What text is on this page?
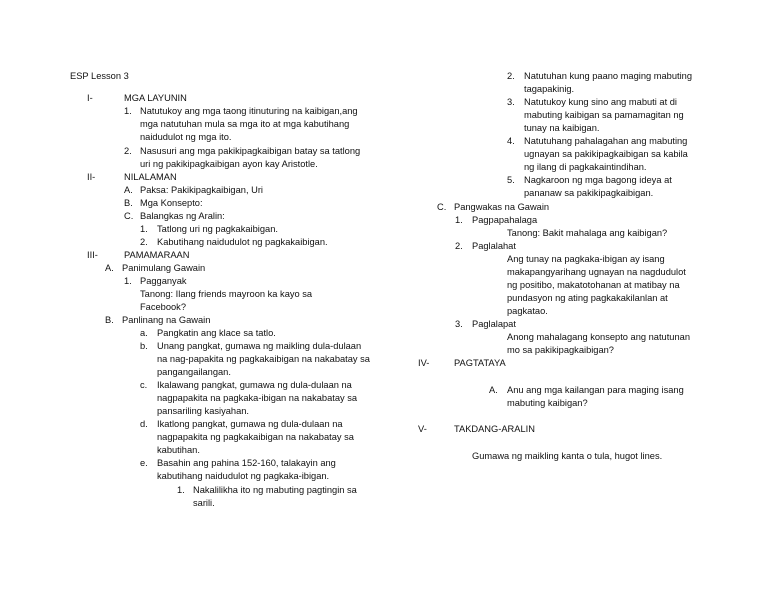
ESP Lesson 3
I-	MGA LAYUNIN
1. Natutukoy ang mga taong itinuturing na kaibigan,ang mga natutuhan mula sa mga ito at mga kabutihang naidudulot ng mga ito.
2. Nasusuri ang mga pakikipagkaibigan batay sa tatlong uri ng pakikipagkaibigan ayon kay Aristotle.
II-	NILALAMAN
A. Paksa: Pakikipagkaibigan, Uri
B. Mga Konsepto:
C. Balangkas ng Aralin:
1. Tatlong uri ng pagkakaibigan.
2. Kabutihang naidudulot ng pagkakaibigan.
III-	PAMAMARAAN
A. Panimulang Gawain
1. Pagganyak
Tanong: Ilang friends mayroon ka kayo sa Facebook?
B. Panlinang na Gawain
a. Pangkatin ang klace sa tatlo.
b. Unang pangkat, gumawa ng maikling dula-dulaan na nag-papakita ng pagkakaibigan na nakabatay sa pangangailangan.
c. Ikalawang pangkat, gumawa ng dula-dulaan na nagpapakita na pagkaka-ibigan na nakabatay sa pansariling kasiyahan.
d. Ikatlong pangkat, gumawa ng dula-dulaan na nagpapakita ng pagkakaibigan na nakabatay sa kabutihan.
e. Basahin ang pahina 152-160, talakayin ang kabutihang naidudulot ng pagkaka-ibigan.
1. Nakalilikha ito ng mabuting pagtingin sa sarili.
2. Natutuhan kung paano maging mabuting tagapakinig.
3. Natutukoy kung sino ang mabuti at di mabuting kaibigan sa pamamagitan ng tunay na kaibigan.
4. Natutuhang pahalagahan ang mabuting ugnayan sa pakikipagkaibigan sa kabila ng ilang di pagkakaintindihan.
5. Nagkaroon ng mga bagong ideya at pananaw sa pakikipagkaibigan.
C. Pangwakas na Gawain
1. Pagpapahalaga
Tanong: Bakit mahalaga ang kaibigan?
2. Paglalahat
Ang tunay na pagkaka-ibigan ay isang makapangyarihang ugnayan na nagdudulot ng positibo, makatotohanan at matibay na pundasyon ng ating pagkakakilanlan at pagkatao.
3. Paglalapat
Anong mahalagang konsepto ang natutunan mo sa pakikipagkaibigan?
IV-	PAGTATAYA
A. Anu ang mga kailangan para maging isang mabuting kaibigan?
V-	TAKDANG-ARALIN
Gumawa ng maikling kanta o tula, hugot lines.
